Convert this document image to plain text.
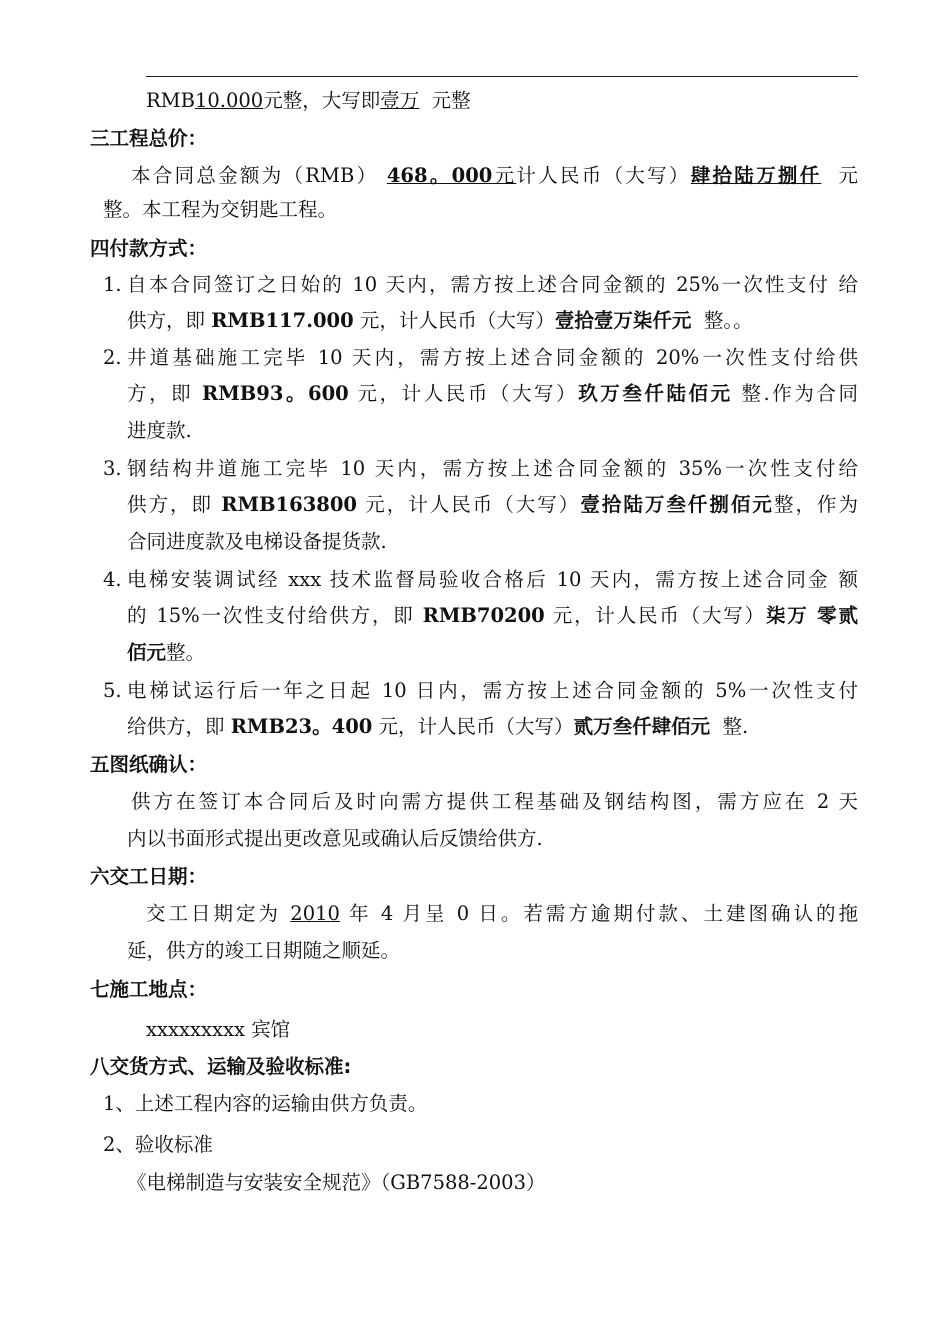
RMB10.000元整，大写即壹万 元整
三工程总价：
本合同总金额为（RMB） 468。000元计人民币（大写）肆拾陆万捌仟 元
整。本工程为交钥匙工程。
四付款方式：
1. 自本合同签订之日始的 10 天内，需方按上述合同金额的 25%一次性支付 给
供方，即 RMB117.000 元，计人民币（大写）壹拾壹万柒仟元 整。。
2. 井道基础施工完毕 10 天内，需方按上述合同金额的 20%一次性支付给供
方，即 RMB93。600 元，计人民币（大写）玖万叁仟陆佰元 整.作为合同
进度款.
3. 钢结构井道施工完毕 10 天内，需方按上述合同金额的 35%一次性支付给
供方，即 RMB163800 元，计人民币（大写）壹拾陆万叁仟捌佰元整，作为
合同进度款及电梯设备提货款.
4. 电梯安装调试经 xxx 技术监督局验收合格后 10 天内，需方按上述合同金 额
的 15%一次性支付给供方，即 RMB70200 元，计人民币（大写）柒万 零贰
佰元整。
5. 电梯试运行后一年之日起 10 日内，需方按上述合同金额的 5%一次性支付
给供方，即 RMB23。400 元，计人民币（大写）贰万叁仟肆佰元 整.
五图纸确认：
供方在签订本合同后及时向需方提供工程基础及钢结构图，需方应在 2 天
内以书面形式提出更改意见或确认后反馈给供方.
六交工日期：
交工日期定为 2010 年 4 月呈 0 日。若需方逾期付款、土建图确认的拖
延，供方的竣工日期随之顺延。
七施工地点：
xxxxxxxxx 宾馆
八交货方式、运输及验收标准:
1、上述工程内容的运输由供方负责。
2、验收标准
《电梯制造与安装安全规范》（GB7588-2003）
